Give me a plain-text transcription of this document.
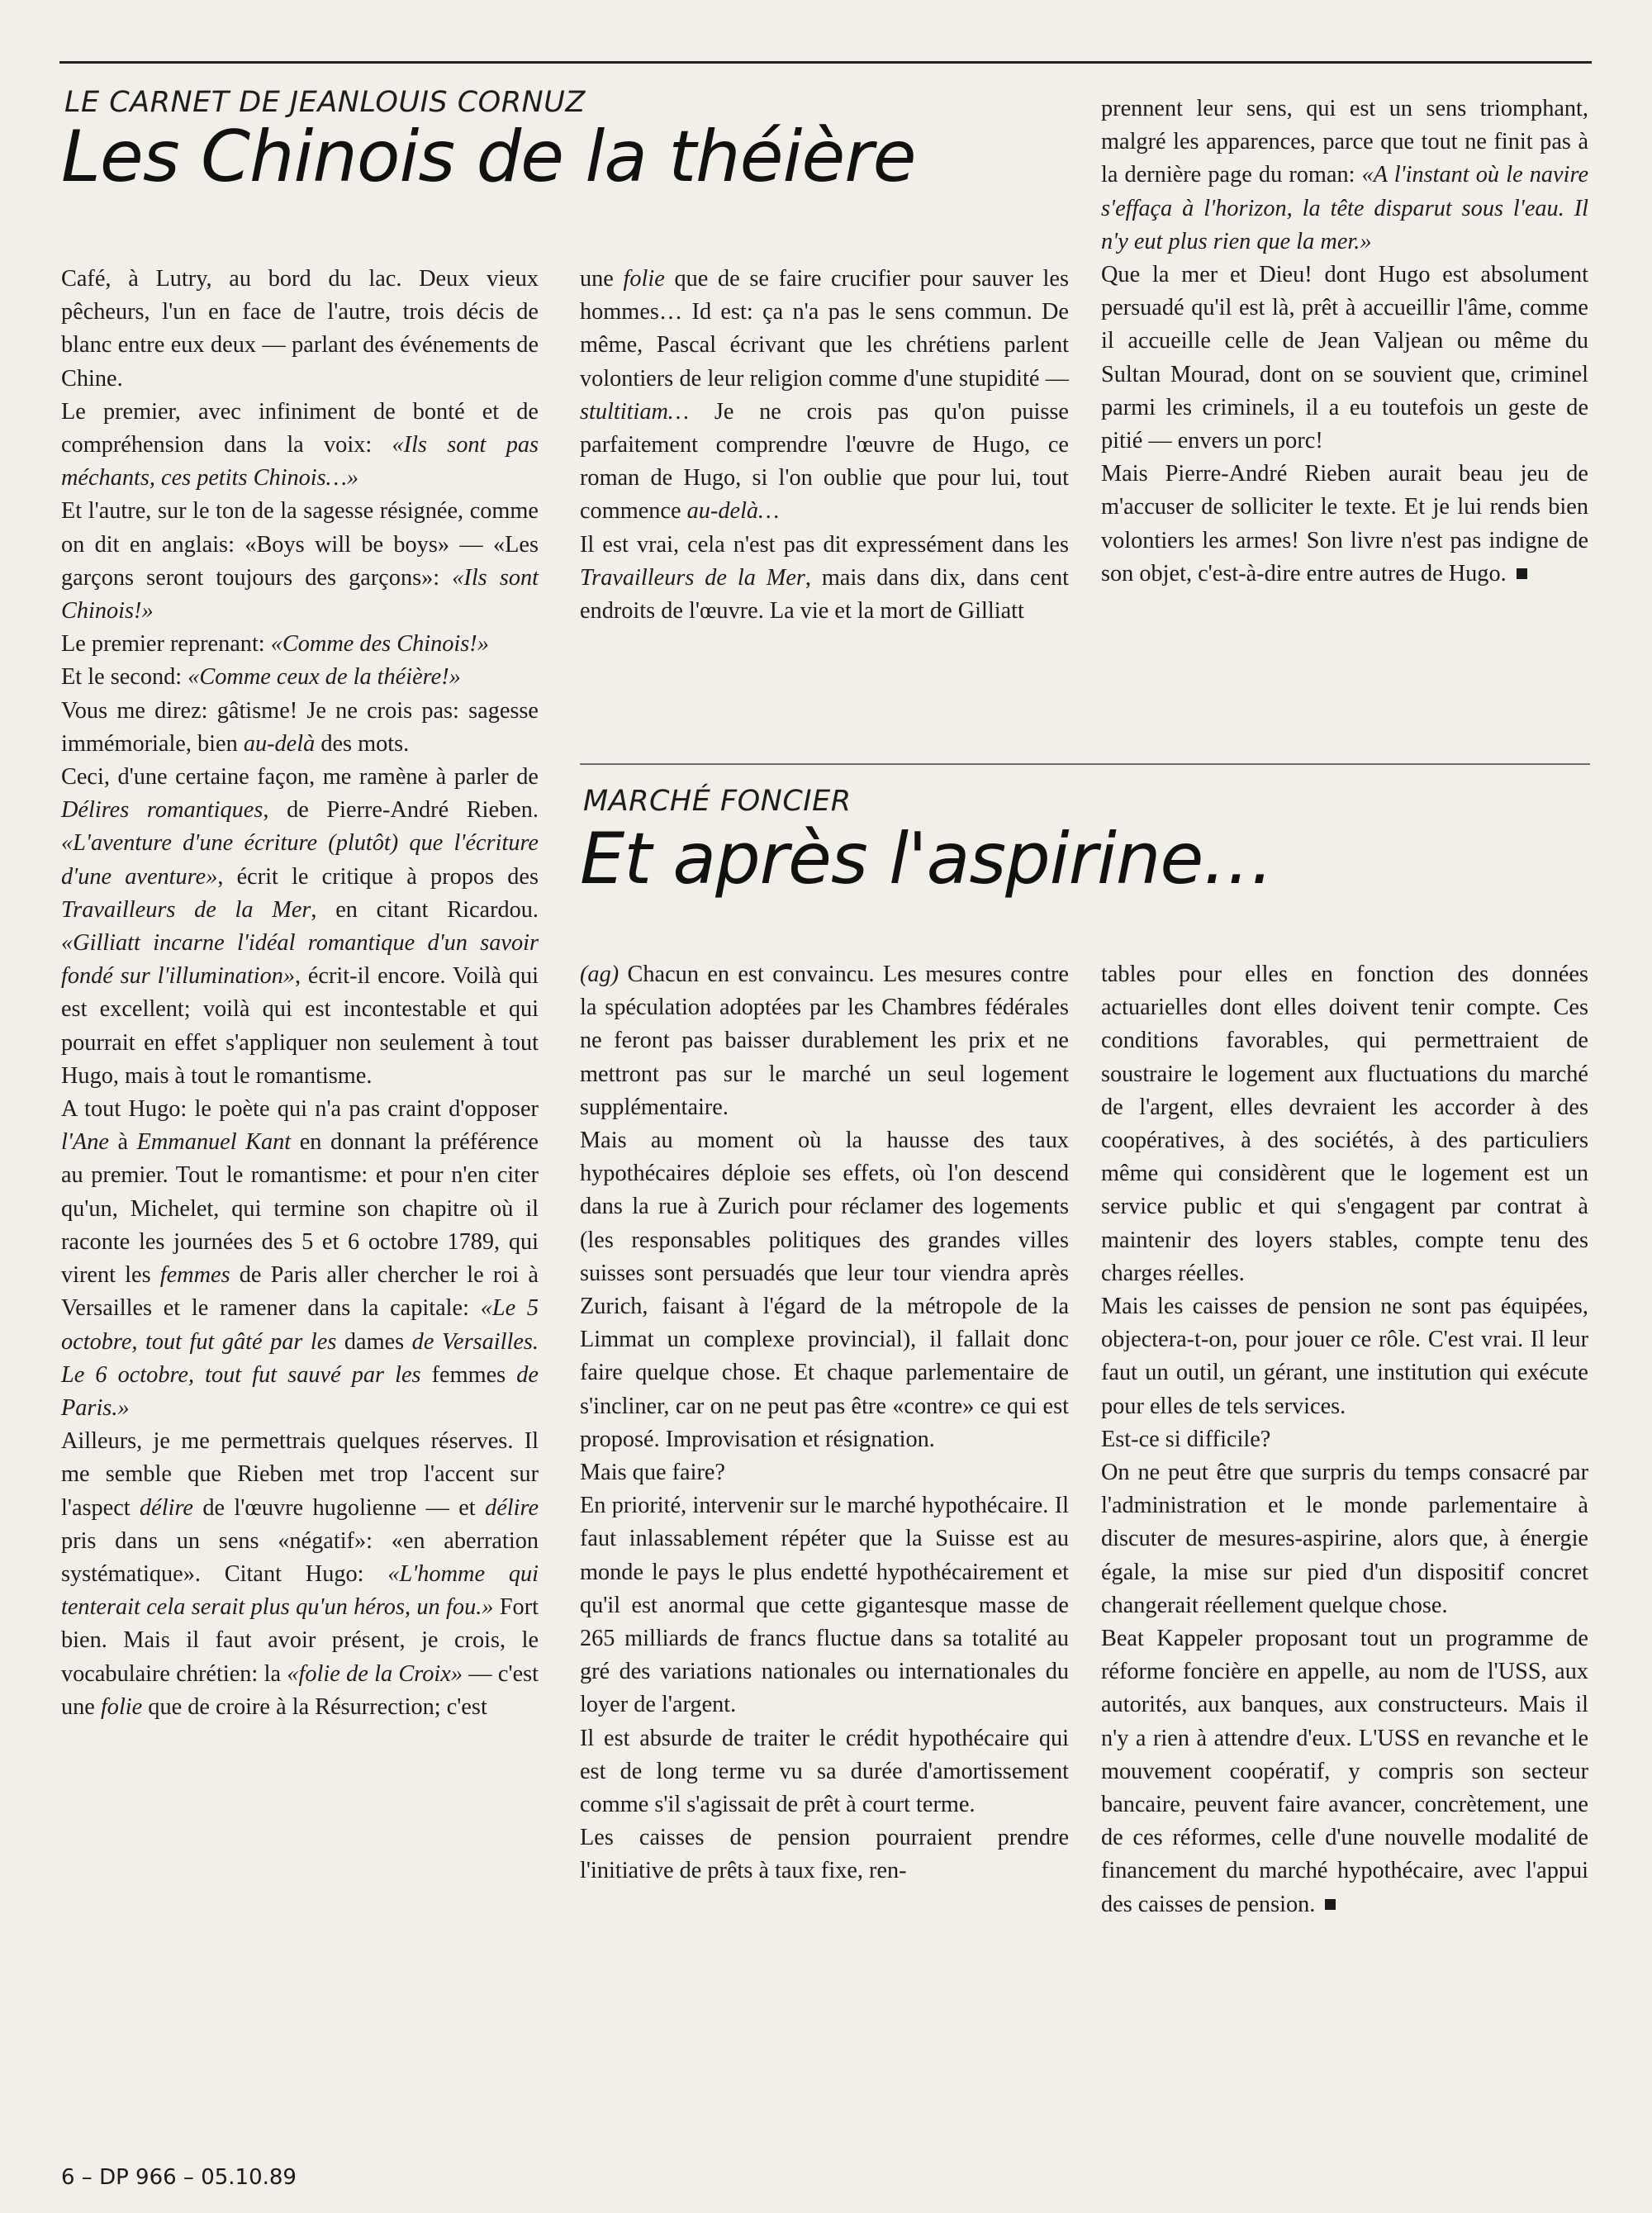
LE CARNET DE JEANLOUIS CORNUZ
Les Chinois de la théière

Café, à Lutry, au bord du lac. Deux vieux pêcheurs, l'un en face de l'autre, trois décis de blanc entre eux deux — parlant des événements de Chine.

Le premier, avec infiniment de bonté et de compréhension dans la voix: «Ils sont pas méchants, ces petits Chinois…»

Et l'autre, sur le ton de la sagesse résignée, comme on dit en anglais: «Boys will be boys» — «Les garçons seront toujours des garçons»: «Ils sont Chinois!»

Le premier reprenant: «Comme des Chinois!»

Et le second: «Comme ceux de la théière!»

Vous me direz: gâtisme! Je ne crois pas: sagesse immémoriale, bien au-delà des mots.

Ceci, d'une certaine façon, me ramène à parler de Délires romantiques, de Pierre-André Rieben. «L'aventure d'une écriture (plutôt) que l'écriture d'une aventure», écrit le critique à propos des Travailleurs de la Mer, en citant Ricardou. «Gilliatt incarne l'idéal romantique d'un savoir fondé sur l'illumination», écrit-il encore. Voilà qui est excellent; voilà qui est incontestable et qui pourrait en effet s'appliquer non seulement à tout Hugo, mais à tout le romantisme.

A tout Hugo: le poète qui n'a pas craint d'opposer l'Ane à Emmanuel Kant en donnant la préférence au premier. Tout le romantisme: et pour n'en citer qu'un, Michelet, qui termine son chapitre où il raconte les journées des 5 et 6 octobre 1789, qui virent les femmes de Paris aller chercher le roi à Versailles et le ramener dans la capitale: «Le 5 octobre, tout fut gâté par les dames de Versailles. Le 6 octobre, tout fut sauvé par les femmes de Paris.»

Ailleurs, je me permettrais quelques réserves. Il me semble que Rieben met trop l'accent sur l'aspect délire de l'œuvre hugolienne — et délire pris dans un sens «négatif»: «en aberration systématique». Citant Hugo: «L'homme qui tenterait cela serait plus qu'un héros, un fou.» Fort bien. Mais il faut avoir présent, je crois, le vocabulaire chrétien: la «folie de la Croix» — c'est une folie que de croire à la Résurrection; c'est

une folie que de se faire crucifier pour sauver les hommes… Id est: ça n'a pas le sens commun. De même, Pascal écrivant que les chrétiens parlent volontiers de leur religion comme d'une stupidité — stultitiam… Je ne crois pas qu'on puisse parfaitement comprendre l'œuvre de Hugo, ce roman de Hugo, si l'on oublie que pour lui, tout commence au-delà…

Il est vrai, cela n'est pas dit expressément dans les Travailleurs de la Mer, mais dans dix, dans cent endroits de l'œuvre. La vie et la mort de Gilliatt

prennent leur sens, qui est un sens triomphant, malgré les apparences, parce que tout ne finit pas à la dernière page du roman: «A l'instant où le navire s'effaça à l'horizon, la tête disparut sous l'eau. Il n'y eut plus rien que la mer.»

Que la mer et Dieu! dont Hugo est absolument persuadé qu'il est là, prêt à accueillir l'âme, comme il accueille celle de Jean Valjean ou même du Sultan Mourad, dont on se souvient que, criminel parmi les criminels, il a eu toutefois un geste de pitié — envers un porc!

Mais Pierre-André Rieben aurait beau jeu de m'accuser de solliciter le texte. Et je lui rends bien volontiers les armes! Son livre n'est pas indigne de son objet, c'est-à-dire entre autres de Hugo.

MARCHÉ FONCIER
Et après l'aspirine…

(ag) Chacun en est convaincu. Les mesures contre la spéculation adoptées par les Chambres fédérales ne feront pas baisser durablement les prix et ne mettront pas sur le marché un seul logement supplémentaire.

Mais au moment où la hausse des taux hypothécaires déploie ses effets, où l'on descend dans la rue à Zurich pour réclamer des logements (les responsables politiques des grandes villes suisses sont persuadés que leur tour viendra après Zurich, faisant à l'égard de la métropole de la Limmat un complexe provincial), il fallait donc faire quelque chose. Et chaque parlementaire de s'incliner, car on ne peut pas être «contre» ce qui est proposé. Improvisation et résignation.

Mais que faire?

En priorité, intervenir sur le marché hypothécaire. Il faut inlassablement répéter que la Suisse est au monde le pays le plus endetté hypothécairement et qu'il est anormal que cette gigantesque masse de 265 milliards de francs fluctue dans sa totalité au gré des variations nationales ou internationales du loyer de l'argent.

Il est absurde de traiter le crédit hypothécaire qui est de long terme vu sa durée d'amortissement comme s'il s'agissait de prêt à court terme.

Les caisses de pension pourraient prendre l'initiative de prêts à taux fixe, ren-

tables pour elles en fonction des données actuarielles dont elles doivent tenir compte. Ces conditions favorables, qui permettraient de soustraire le logement aux fluctuations du marché de l'argent, elles devraient les accorder à des coopératives, à des sociétés, à des particuliers même qui considèrent que le logement est un service public et qui s'engagent par contrat à maintenir des loyers stables, compte tenu des charges réelles.

Mais les caisses de pension ne sont pas équipées, objectera-t-on, pour jouer ce rôle. C'est vrai. Il leur faut un outil, un gérant, une institution qui exécute pour elles de tels services.

Est-ce si difficile?

On ne peut être que surpris du temps consacré par l'administration et le monde parlementaire à discuter de mesures-aspirine, alors que, à énergie égale, la mise sur pied d'un dispositif concret changerait réellement quelque chose.

Beat Kappeler proposant tout un programme de réforme foncière en appelle, au nom de l'USS, aux autorités, aux banques, aux constructeurs. Mais il n'y a rien à attendre d'eux. L'USS en revanche et le mouvement coopératif, y compris son secteur bancaire, peuvent faire avancer, concrètement, une de ces réformes, celle d'une nouvelle modalité de financement du marché hypothécaire, avec l'appui des caisses de pension.

6 – DP 966 – 05.10.89
